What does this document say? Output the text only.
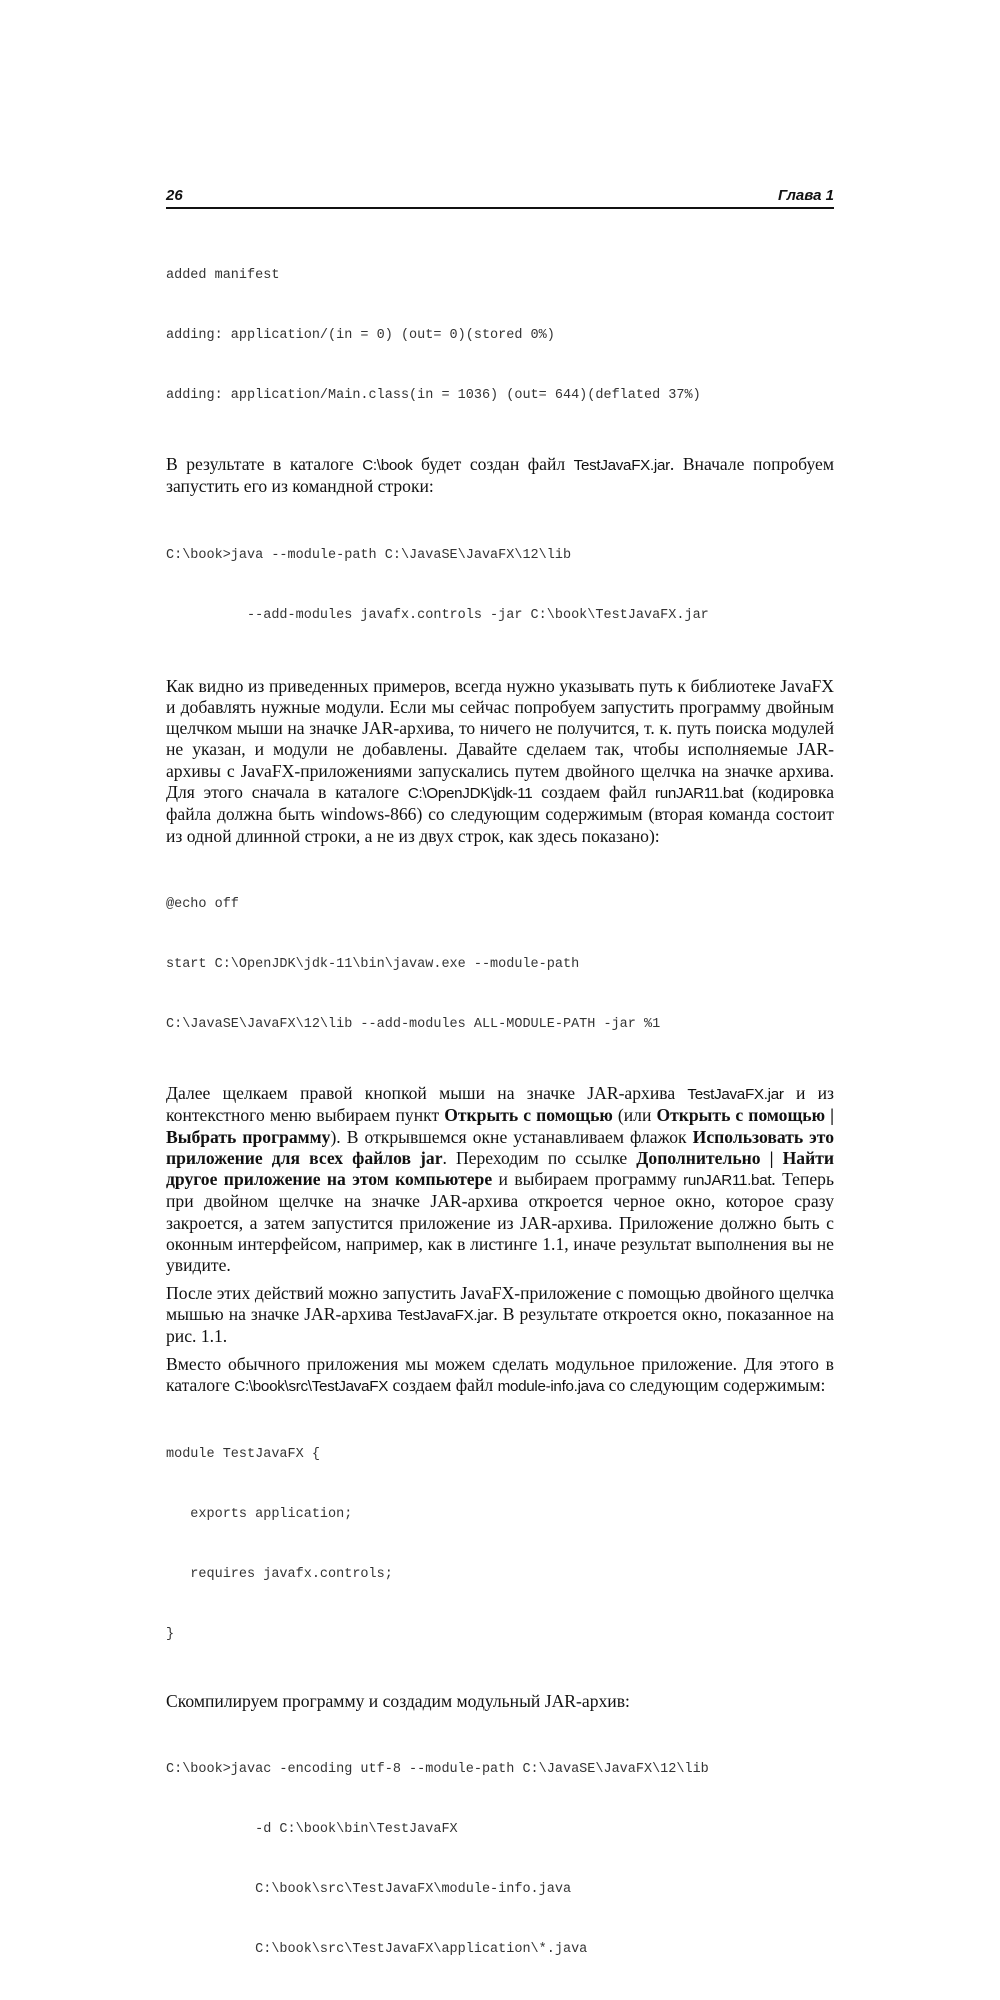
26	Глава 1

added manifest

adding: application/(in = 0) (out= 0)(stored 0%)

adding: application/Main.class(in = 1036) (out= 644)(deflated 37%)

В результате в каталоге C:\book будет создан файл TestJavaFX.jar. Вначале попробуем запустить его из командной строки:

C:\book>java --module-path C:\JavaSE\JavaFX\12\lib

--add-modules javafx.controls -jar C:\book\TestJavaFX.jar

Как видно из приведенных примеров, всегда нужно указывать путь к библиотеке JavaFX и добавлять нужные модули. Если мы сейчас попробуем запустить программу двойным щелчком мыши на значке JAR-архива, то ничего не получится, т. к. путь поиска модулей не указан, и модули не добавлены. Давайте сделаем так, чтобы исполняемые JAR-архивы с JavaFX-приложениями запускались путем двойного щелчка на значке архива. Для этого сначала в каталоге C:\OpenJDK\jdk-11 создаем файл runJAR11.bat (кодировка файла должна быть windows-866) со следующим содержимым (вторая команда состоит из одной длинной строки, а не из двух строк, как здесь показано):

@echo off

start C:\OpenJDK\jdk-11\bin\javaw.exe --module-path

C:\JavaSE\JavaFX\12\lib --add-modules ALL-MODULE-PATH -jar %1

Далее щелкаем правой кнопкой мыши на значке JAR-архива TestJavaFX.jar и из контекстного меню выбираем пункт Открыть с помощью (или Открыть с помощью | Выбрать программу). В открывшемся окне устанавливаем флажок Использовать это приложение для всех файлов jar. Переходим по ссылке Дополнительно | Найти другое приложение на этом компьютере и выбираем программу runJAR11.bat. Теперь при двойном щелчке на значке JAR-архива откроется черное окно, которое сразу закроется, а затем запустится приложение из JAR-архива. Приложение должно быть с оконным интерфейсом, например, как в листинге 1.1, иначе результат выполнения вы не увидите.

После этих действий можно запустить JavaFX-приложение с помощью двойного щелчка мышью на значке JAR-архива TestJavaFX.jar. В результате откроется окно, показанное на рис. 1.1.

Вместо обычного приложения мы можем сделать модульное приложение. Для этого в каталоге C:\book\src\TestJavaFX создаем файл module-info.java со следующим содержимым:

module TestJavaFX {

exports application;

requires javafx.controls;

}

Скомпилируем программу и создадим модульный JAR-архив:

C:\book>javac -encoding utf-8 --module-path C:\JavaSE\JavaFX\12\lib

-d C:\book\bin\TestJavaFX

C:\book\src\TestJavaFX\module-info.java

C:\book\src\TestJavaFX\application\*.java
